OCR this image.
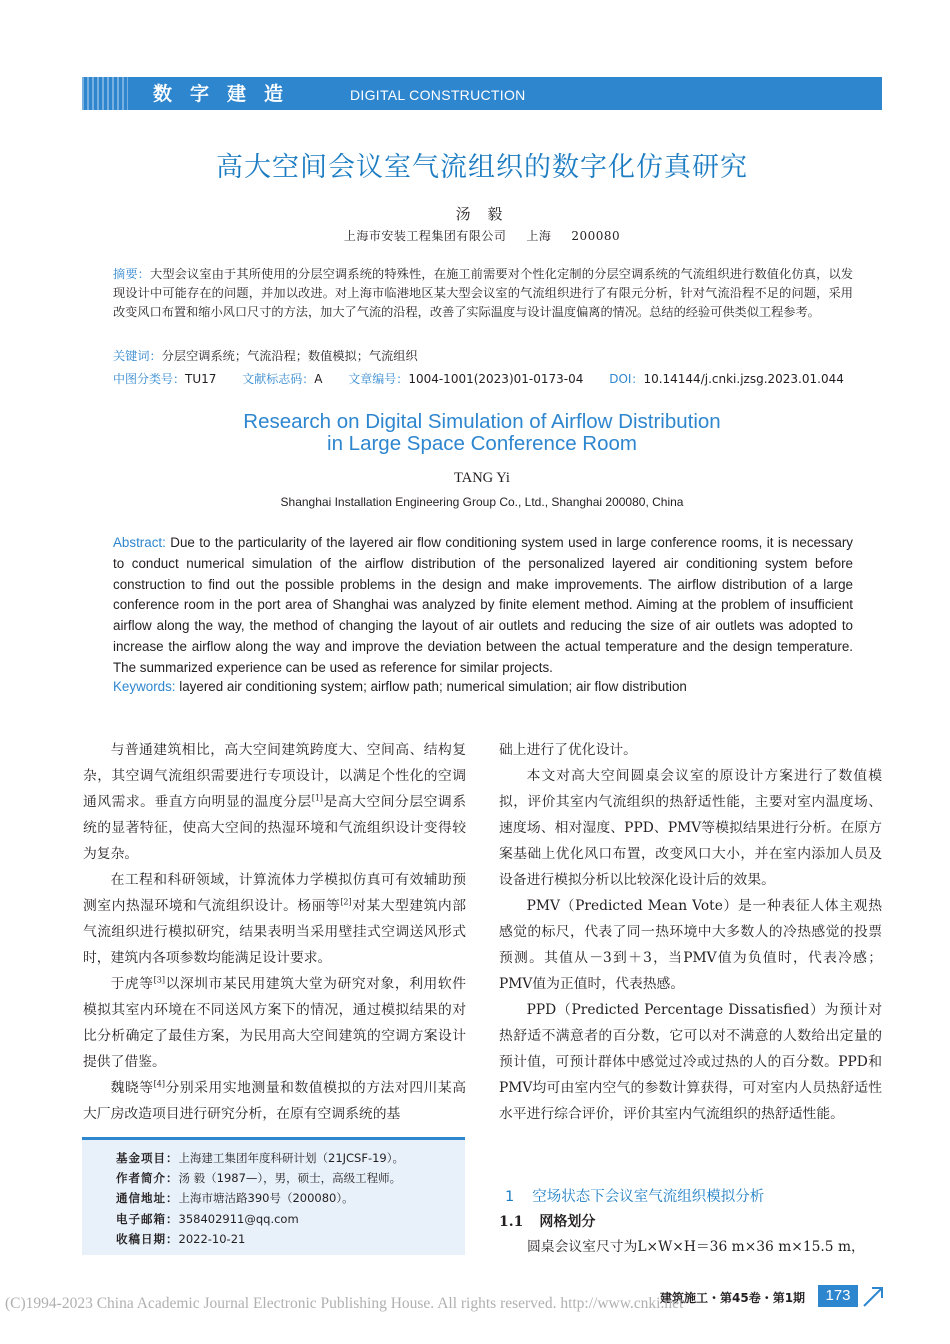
数字建造	DIGITAL CONSTRUCTION
高大空间会议室气流组织的数字化仿真研究
汤 毅
上海市安装工程集团有限公司 上海 200080
摘要：大型会议室由于其所使用的分层空调系统的特殊性，在施工前需要对个性化定制的分层空调系统的气流组织进行数值化仿真，以发现设计中可能存在的问题，并加以改进。对上海市临港地区某大型会议室的气流组织进行了有限元分析，针对气流沿程不足的问题，采用改变风口布置和缩小风口尺寸的方法，加大了气流的沿程，改善了实际温度与设计温度偏离的情况。总结的经验可供类似工程参考。
关键词：分层空调系统；气流沿程；数值模拟；气流组织
中图分类号：TU17 文献标志码：A 文章编号：1004-1001(2023)01-0173-04 DOI：10.14144/j.cnki.jzsg.2023.01.044
Research on Digital Simulation of Airflow Distribution
in Large Space Conference Room
TANG Yi
Shanghai Installation Engineering Group Co., Ltd., Shanghai 200080, China
Abstract: Due to the particularity of the layered air flow conditioning system used in large conference rooms, it is necessary to conduct numerical simulation of the airflow distribution of the personalized layered air conditioning system before construction to find out the possible problems in the design and make improvements. The airflow distribution of a large conference room in the port area of Shanghai was analyzed by finite element method. Aiming at the problem of insufficient airflow along the way, the method of changing the layout of air outlets and reducing the size of air outlets was adopted to increase the airflow along the way and improve the deviation between the actual temperature and the design temperature. The summarized experience can be used as reference for similar projects.
Keywords: layered air conditioning system; airflow path; numerical simulation; air flow distribution

与普通建筑相比，高大空间建筑跨度大、空间高、结构复杂，其空调气流组织需要进行专项设计，以满足个性化的空调通风需求。垂直方向明显的温度分层[1]是高大空间分层空调系统的显著特征，使高大空间的热湿环境和气流组织设计变得较为复杂。

在工程和科研领域，计算流体力学模拟仿真可有效辅助预测室内热湿环境和气流组织设计。杨丽等[2]对某大型建筑内部气流组织进行模拟研究，结果表明当采用壁挂式空调送风形式时，建筑内各项参数均能满足设计要求。

于虎等[3]以深圳市某民用建筑大堂为研究对象，利用软件模拟其室内环境在不同送风方案下的情况，通过模拟结果的对比分析确定了最佳方案，为民用高大空间建筑的空调方案设计提供了借鉴。

魏晓等[4]分别采用实地测量和数值模拟的方法对四川某高大厂房改造项目进行研究分析，在原有空调系统的基

基金项目：上海建工集团年度科研计划（21JCSF-19）。
作者简介：汤 毅（1987—），男，硕士，高级工程师。
通信地址：上海市塘沽路390号（200080）。
电子邮箱：358402911@qq.com
收稿日期：2022-10-21

础上进行了优化设计。

本文对高大空间圆桌会议室的原设计方案进行了数值模拟，评价其室内气流组织的热舒适性能，主要对室内温度场、速度场、相对湿度、PPD、PMV等模拟结果进行分析。在原方案基础上优化风口布置，改变风口大小，并在室内添加人员及设备进行模拟分析以比较深化设计后的效果。

PMV（Predicted Mean Vote）是一种表征人体主观热感觉的标尺，代表了同一热环境中大多数人的冷热感觉的投票预测。其值从－3到＋3，当PMV值为负值时，代表冷感；PMV值为正值时，代表热感。

PPD（Predicted Percentage Dissatisfied）为预计对热舒适不满意者的百分数，它可以对不满意的人数给出定量的预计值，可预计群体中感觉过冷或过热的人的百分数。PPD和PMV均可由室内空气的参数计算获得，可对室内人员热舒适性水平进行综合评价，评价其室内气流组织的热舒适性能。

1 空场状态下会议室气流组织模拟分析
1.1 网格划分
圆桌会议室尺寸为L×W×H＝36 m×36 m×15.5 m，
建筑施工・第45卷・第1期	173
(C)1994-2023 China Academic Journal Electronic Publishing House. All rights reserved. http://www.cnki.net
